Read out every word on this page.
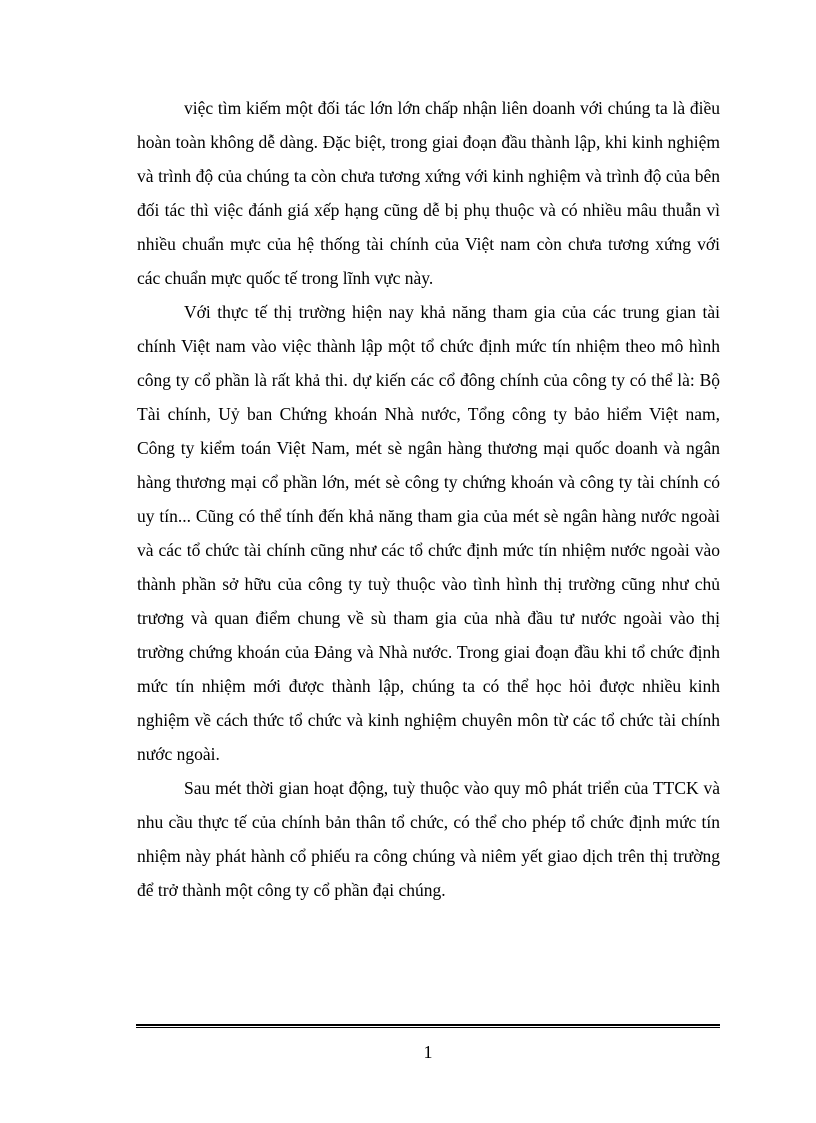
việc tìm kiếm một đối tác lớn lớn chấp nhận liên doanh với chúng ta là điều hoàn toàn không dễ dàng. Đặc biệt, trong giai đoạn đầu thành lập, khi kinh nghiệm và trình độ của chúng ta còn chưa tương xứng với kinh nghiệm và trình độ của bên đối tác thì việc đánh giá xếp hạng cũng dễ bị phụ thuộc và có nhiều mâu thuẫn vì nhiều chuẩn mực của hệ thống tài chính của Việt nam còn chưa tương xứng với các chuẩn mực quốc tế trong lĩnh vực này.

Với thực tế thị trường hiện nay khả năng tham gia của các trung gian tài chính Việt nam vào việc thành lập một tổ chức định mức tín nhiệm theo mô hình công ty cổ phần là rất khả thi. dự kiến các cổ đông chính của công ty có thể là: Bộ Tài chính, Uỷ ban Chứng khoán Nhà nước, Tổng công ty bảo hiểm Việt nam, Công ty kiểm toán Việt Nam, mét sè ngân hàng thương mại quốc doanh và ngân hàng thương mại cổ phần lớn, mét sè công ty chứng khoán và công ty tài chính có uy tín... Cũng có thể tính đến khả năng tham gia của mét sè ngân hàng nước ngoài và các tổ chức tài chính cũng như các tổ chức định mức tín nhiệm nước ngoài vào thành phần sở hữu của công ty tuỳ thuộc vào tình hình thị trường cũng như chủ trương và quan điểm chung về sù tham gia của nhà đầu tư nước ngoài vào thị trường chứng khoán của Đảng và Nhà nước. Trong giai đoạn đầu khi tổ chức định mức tín nhiệm mới được thành lập, chúng ta có thể học hỏi được nhiều kinh nghiệm về cách thức tổ chức và kinh nghiệm chuyên môn từ các tổ chức tài chính nước ngoài.

Sau mét thời gian hoạt động, tuỳ thuộc vào quy mô phát triển của TTCK và nhu cầu thực tế của chính bản thân tổ chức, có thể cho phép tổ chức định mức tín nhiệm này phát hành cổ phiếu ra công chúng và niêm yết giao dịch trên thị trường để trở thành một công ty cổ phần đại chúng.

1
